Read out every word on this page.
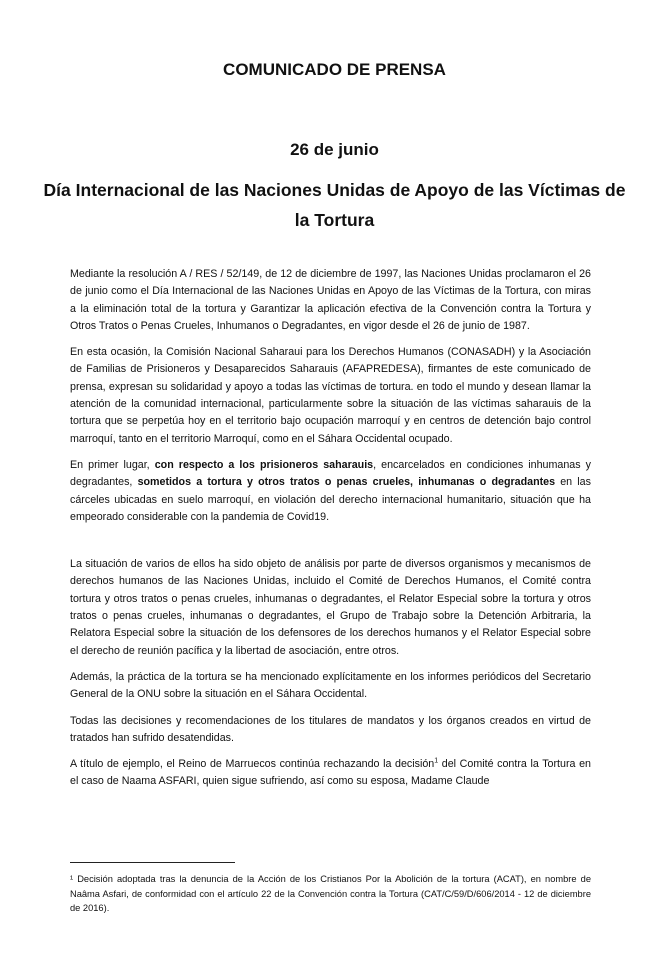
COMUNICADO DE PRENSA
26 de junio
Día Internacional de las Naciones Unidas de Apoyo de las Víctimas de la Tortura

Mediante la resolución A / RES / 52/149, de 12 de diciembre de 1997, las Naciones Unidas proclamaron el 26 de junio como el Día Internacional de las Naciones Unidas en Apoyo de las Víctimas de la Tortura, con miras a la eliminación total de la tortura y Garantizar la aplicación efectiva de la Convención contra la Tortura y Otros Tratos o Penas Crueles, Inhumanos o Degradantes, en vigor desde el 26 de junio de 1987.

En esta ocasión, la Comisión Nacional Saharaui para los Derechos Humanos (CONASADH) y la Asociación de Familias de Prisioneros y Desaparecidos Saharauis (AFAPREDESA), firmantes de este comunicado de prensa, expresan su solidaridad y apoyo a todas las víctimas de tortura. en todo el mundo y desean llamar la atención de la comunidad internacional, particularmente sobre la situación de las víctimas saharauis de la tortura que se perpetúa hoy en el territorio bajo ocupación marroquí y en centros de detención bajo control marroquí, tanto en el territorio Marroquí, como en el Sáhara Occidental ocupado.

En primer lugar, con respecto a los prisioneros saharauis, encarcelados en condiciones inhumanas y degradantes, sometidos a tortura y otros tratos o penas crueles, inhumanas o degradantes en las cárceles ubicadas en suelo marroquí, en violación del derecho internacional humanitario, situación que ha empeorado considerable con la pandemia de Covid19.

La situación de varios de ellos ha sido objeto de análisis por parte de diversos organismos y mecanismos de derechos humanos de las Naciones Unidas, incluido el Comité de Derechos Humanos, el Comité contra tortura y otros tratos o penas crueles, inhumanas o degradantes, el Relator Especial sobre la tortura y otros tratos o penas crueles, inhumanas o degradantes, el Grupo de Trabajo sobre la Detención Arbitraria, la Relatora Especial sobre la situación de los defensores de los derechos humanos y el Relator Especial sobre el derecho de reunión pacífica y la libertad de asociación, entre otros.

Además, la práctica de la tortura se ha mencionado explícitamente en los informes periódicos del Secretario General de la ONU sobre la situación en el Sáhara Occidental.

Todas las decisiones y recomendaciones de los titulares de mandatos y los órganos creados en virtud de tratados han sufrido desatendidas.

A título de ejemplo, el Reino de Marruecos continúa rechazando la decisión$^1$ del Comité contra la Tortura en el caso de Naama ASFARI, quien sigue sufriendo, así como su esposa, Madame Claude

¹ Decisión adoptada tras la denuncia de la Acción de los Cristianos Por la Abolición de la tortura (ACAT), en nombre de Naâma Asfari, de conformidad con el artículo 22 de la Convención contra la Tortura (CAT/C/59/D/606/2014 - 12 de diciembre de 2016).
